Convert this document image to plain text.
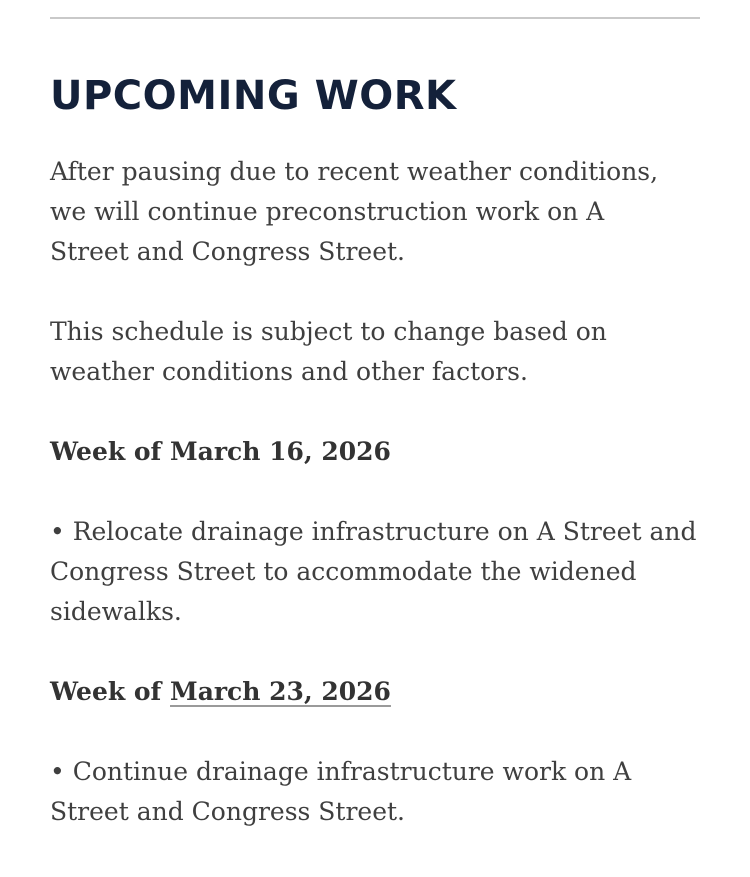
UPCOMING WORK

After pausing due to recent weather conditions,
we will continue preconstruction work on A
Street and Congress Street.

This schedule is subject to change based on
weather conditions and other factors.

Week of March 16, 2026

• Relocate drainage infrastructure on A Street and
Congress Street to accommodate the widened
sidewalks.

Week of March 23, 2026

• Continue drainage infrastructure work on A
Street and Congress Street.
